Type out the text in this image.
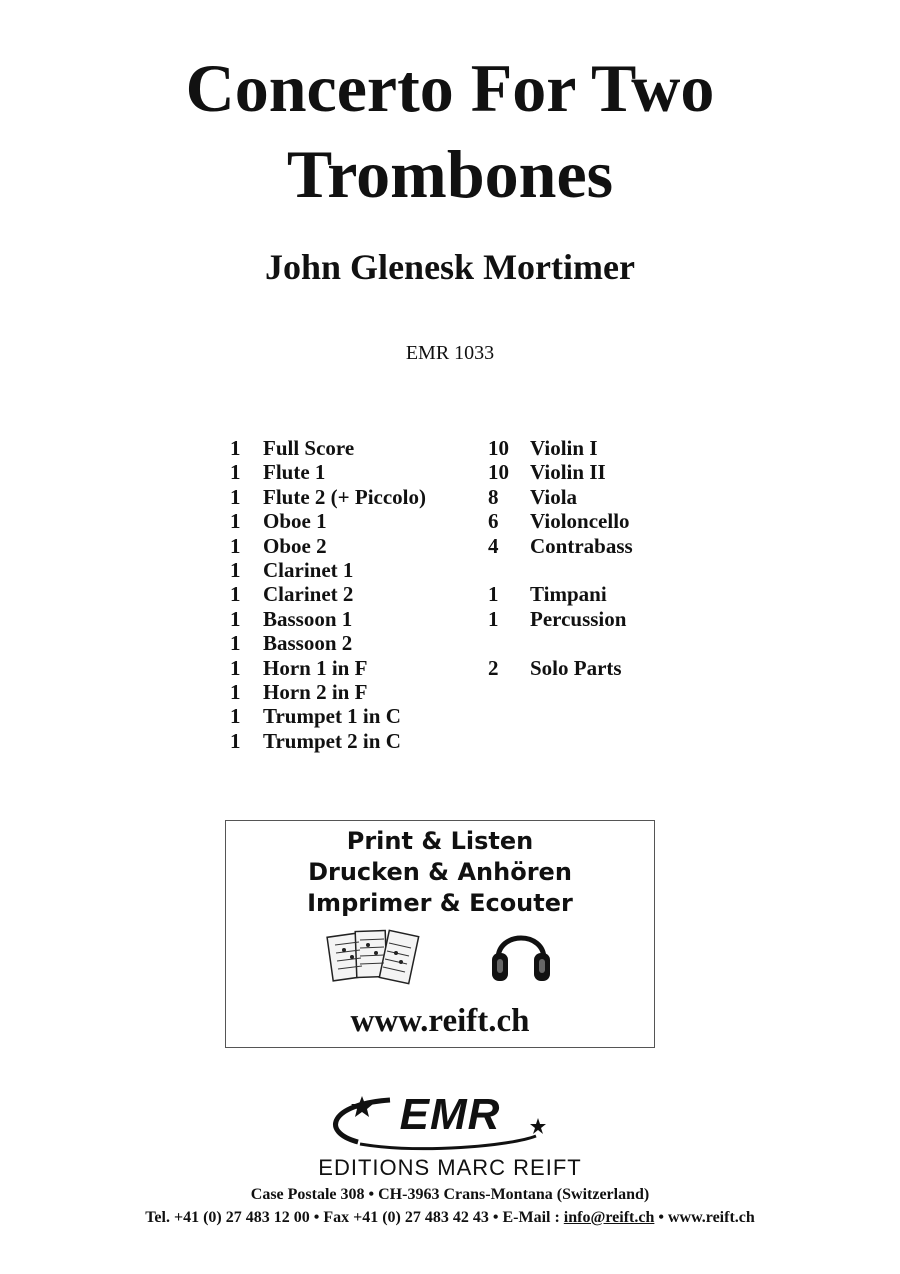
Concerto For Two
Trombones
John Glenesk Mortimer
EMR 1033
1 Full Score
1 Flute 1
1 Flute 2 (+ Piccolo)
1 Oboe 1
1 Oboe 2
1 Clarinet 1
1 Clarinet 2
1 Bassoon 1
1 Bassoon 2
1 Horn 1 in F
1 Horn 2 in F
1 Trumpet 1 in C
1 Trumpet 2 in C
10 Violin I
10 Violin II
8 Viola
6 Violoncello
4 Contrabass
1 Timpani
1 Percussion
2 Solo Parts
Print & Listen
Drucken & Anhören
Imprimer & Ecouter
www.reift.ch
EMR
EDITIONS MARC REIFT
Case Postale 308 • CH-3963 Crans-Montana (Switzerland)
Tel. +41 (0) 27 483 12 00 • Fax +41 (0) 27 483 42 43 • E-Mail : info@reift.ch • www.reift.ch
